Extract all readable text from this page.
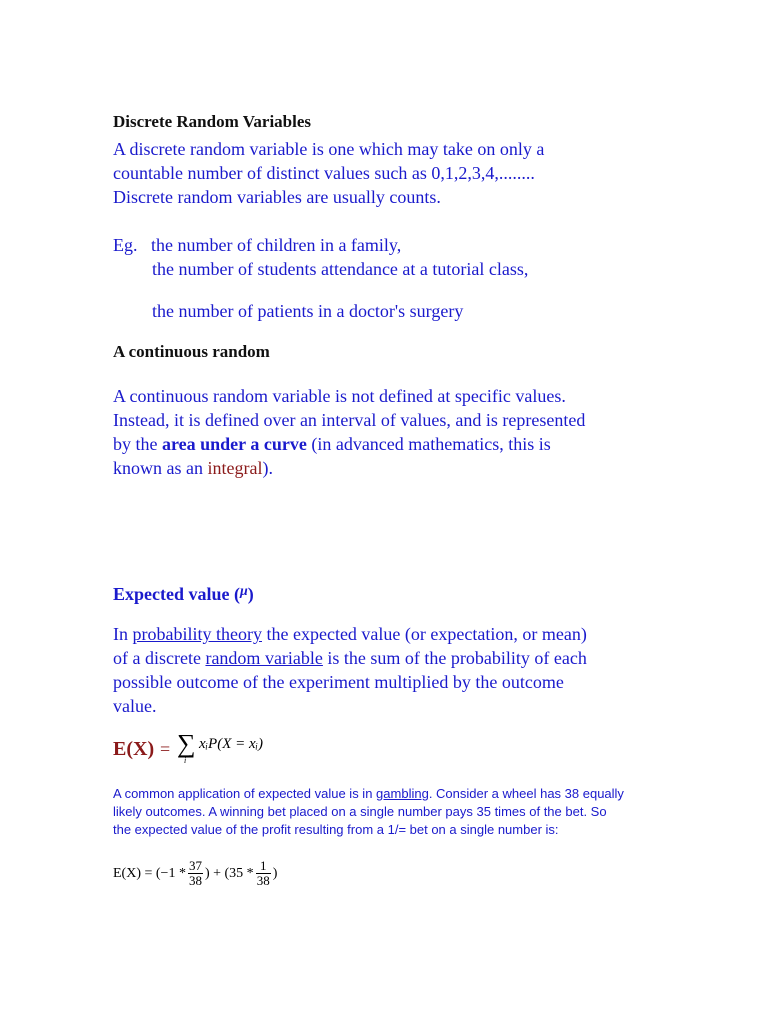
Discrete Random Variables
A discrete random variable is one which may take on only a
countable number of distinct values such as 0,1,2,3,4,........
Discrete random variables are usually counts.
Eg. the number of children in a family,
the number of students attendance at a tutorial class,
the number of patients in a doctor's surgery
A continuous random
A continuous random variable is not defined at specific values.
Instead, it is defined over an interval of values, and is represented
by the area under a curve (in advanced mathematics, this is
known as an integral).
Expected value ($^\mu$)
In probability theory the expected value (or expectation, or mean)
of a discrete random variable is the sum of the probability of each
possible outcome of the experiment multiplied by the outcome
value.
E(X) = ∑
i
xᵢP(X = xᵢ)
A common application of expected value is in gambling. Consider a wheel has 38 equally
likely outcomes. A winning bet placed on a single number pays 35 times of the bet. So
the expected value of the profit resulting from a 1/= bet on a single number is:
$E(X) = (-1 * \frac{37}{38}$ ) + ($35 * \frac{1}{38}$ )
